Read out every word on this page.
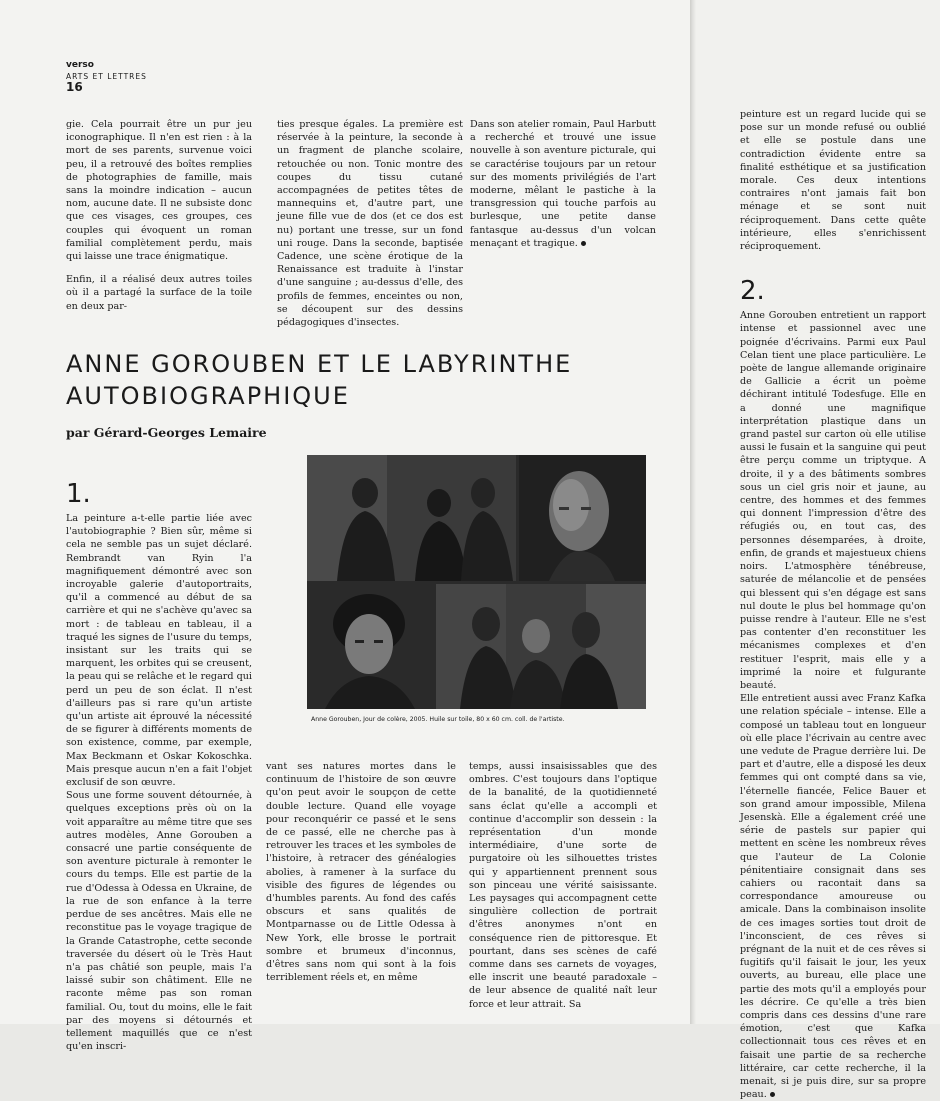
verso
ARTS ET LETTRES
16

gie. Cela pourrait être un pur jeu iconographique. Il n'en est rien : à la mort de ses parents, survenue voici peu, il a retrouvé des boîtes remplies de photographies de famille, mais sans la moindre indication – aucun nom, aucune date. Il ne subsiste donc que ces visages, ces groupes, ces couples qui évoquent un roman familial complètement perdu, mais qui laisse une trace énigmatique.

Enfin, il a réalisé deux autres toiles où il a partagé la surface de la toile en deux par-

ties presque égales. La première est réservée à la peinture, la seconde à un fragment de planche scolaire, retouchée ou non. Tonic montre des coupes du tissu cutané accompagnées de petites têtes de mannequins et, d'autre part, une jeune fille vue de dos (et ce dos est nu) portant une tresse, sur un fond uni rouge. Dans la seconde, baptisée Cadence, une scène érotique de la Renaissance est traduite à l'instar d'une sanguine ; au-dessus d'elle, des profils de femmes, enceintes ou non, se découpent sur des dessins pédagogiques d'insectes.

Dans son atelier romain, Paul Harbutt a recherché et trouvé une issue nouvelle à son aventure picturale, qui se caractérise toujours par un retour sur des moments privilégiés de l'art moderne, mêlant le pastiche à la transgression qui touche parfois au burlesque, une petite danse fantasque au-dessus d'un volcan menaçant et tragique.

ANNE GOROUBEN ET LE LABYRINTHE
AUTOBIOGRAPHIQUE
par Gérard-Georges Lemaire
Anne Gorouben, Jour de colère, 2005. Huile sur toile, 80 x 60 cm. coll. de l'artiste.
1.

La peinture a-t-elle partie liée avec l'autobiographie ? Bien sûr, même si cela ne semble pas un sujet déclaré. Rembrandt van Ryin l'a magnifiquement démontré avec son incroyable galerie d'autoportraits, qu'il a commencé au début de sa carrière et qui ne s'achève qu'avec sa mort : de tableau en tableau, il a traqué les signes de l'usure du temps, insistant sur les traits qui se marquent, les orbites qui se creusent, la peau qui se relâche et le regard qui perd un peu de son éclat. Il n'est d'ailleurs pas si rare qu'un artiste qu'un artiste ait éprouvé la nécessité de se figurer à différents moments de son existence, comme, par exemple, Max Beckmann et Oskar Kokoschka. Mais presque aucun n'en a fait l'objet exclusif de son œuvre.

Sous une forme souvent détournée, à quelques exceptions près où on la voit apparaître au même titre que ses autres modèles, Anne Gorouben a consacré une partie conséquente de son aventure picturale à remonter le cours du temps. Elle est partie de la rue d'Odessa à Odessa en Ukraine, de la rue de son enfance à la terre perdue de ses ancêtres. Mais elle ne reconstitue pas le voyage tragique de la Grande Catastrophe, cette seconde traversée du désert où le Très Haut n'a pas châtié son peuple, mais l'a laissé subir son châtiment. Elle ne raconte même pas son roman familial. Ou, tout du moins, elle le fait par des moyens si détournés et tellement maquillés que ce n'est qu'en inscri-

vant ses natures mortes dans le continuum de l'histoire de son œuvre qu'on peut avoir le soupçon de cette double lecture. Quand elle voyage pour reconquérir ce passé et le sens de ce passé, elle ne cherche pas à retrouver les traces et les symboles de l'histoire, à retracer des généalogies abolies, à ramener à la surface du visible des figures de légendes ou d'humbles parents. Au fond des cafés obscurs et sans qualités de Montparnasse ou de Little Odessa à New York, elle brosse le portrait sombre et brumeux d'inconnus, d'êtres sans nom qui sont à la fois terriblement réels et, en même

temps, aussi insaisissables que des ombres. C'est toujours dans l'optique de la banalité, de la quotidienneté sans éclat qu'elle a accompli et continue d'accomplir son dessein : la représentation d'un monde intermédiaire, d'une sorte de purgatoire où les silhouettes tristes qui y appartiennent prennent sous son pinceau une vérité saisissante. Les paysages qui accompagnent cette singulière collection de portrait d'êtres anonymes n'ont en conséquence rien de pittoresque. Et pourtant, dans ses scènes de café comme dans ses carnets de voyages, elle inscrit une beauté paradoxale – de leur absence de qualité naît leur force et leur attrait. Sa

peinture est un regard lucide qui se pose sur un monde refusé ou oublié et elle se postule dans une contradiction évidente entre sa finalité esthétique et sa justification morale. Ces deux intentions contraires n'ont jamais fait bon ménage et se sont nuit réciproquement. Dans cette quête intérieure, elles s'enrichissent réciproquement.

2.

Anne Gorouben entretient un rapport intense et passionnel avec une poignée d'écrivains. Parmi eux Paul Celan tient une place particulière. Le poète de langue allemande originaire de Gallicie a écrit un poème déchirant intitulé Todesfuge. Elle en a donné une magnifique interprétation plastique dans un grand pastel sur carton où elle utilise aussi le fusain et la sanguine qui peut être perçu comme un triptyque. A droite, il y a des bâtiments sombres sous un ciel gris noir et jaune, au centre, des hommes et des femmes qui donnent l'impression d'être des réfugiés ou, en tout cas, des personnes désemparées, à droite, enfin, de grands et majestueux chiens noirs. L'atmosphère ténébreuse, saturée de mélancolie et de pensées qui blessent qui s'en dégage est sans nul doute le plus bel hommage qu'on puisse rendre à l'auteur. Elle ne s'est pas contenter d'en reconstituer les mécanismes complexes et d'en restituer l'esprit, mais elle y a imprimé la noire et fulgurante beauté.

Elle entretient aussi avec Franz Kafka une relation spéciale – intense. Elle a composé un tableau tout en longueur où elle place l'écrivain au centre avec une vedute de Prague derrière lui. De part et d'autre, elle a disposé les deux femmes qui ont compté dans sa vie, l'éternelle fiancée, Felice Bauer et son grand amour impossible, Milena Jesenskà. Elle a également créé une série de pastels sur papier qui mettent en scène les nombreux rêves que l'auteur de La Colonie pénitentiaire consignait dans ses cahiers ou racontait dans sa correspondance amoureuse ou amicale. Dans la combinaison insolite de ces images sorties tout droit de l'inconscient, de ces rêves si prégnant de la nuit et de ces rêves si fugitifs qu'il faisait le jour, les yeux ouverts, au bureau, elle place une partie des mots qu'il a employés pour les décrire. Ce qu'elle a très bien compris dans ces dessins d'une rare émotion, c'est que Kafka collectionnait tous ces rêves et en faisait une partie de sa recherche littéraire, car cette recherche, il la menait, si je puis dire, sur sa propre peau.
